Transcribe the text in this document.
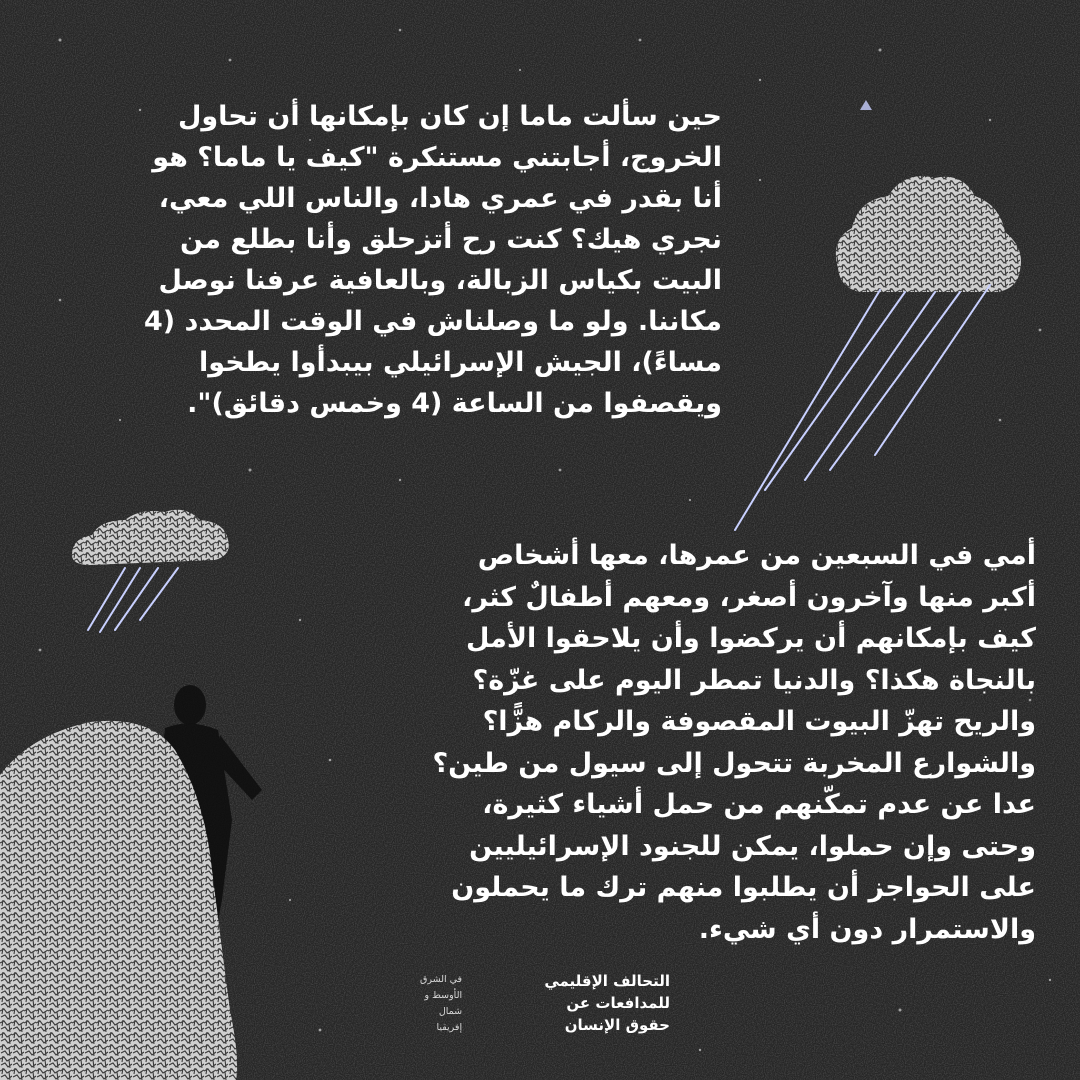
حين سألت ماما إن كان بإمكانها أن تحاول
الخروج، أجابتني مستنكرة "كيف يا ماما؟ هو
أنا بقدر في عمري هادا، والناس اللي معي،
نجري هيك؟ كنت رح أتزحلق وأنا بطلع من
البيت بكياس الزبالة، وبالعافية عرفنا نوصل
مكاننا. ولو ما وصلناش في الوقت المحدد (4
مساءً)، الجيش الإسرائيلي بيبدأوا يطخوا
ويقصفوا من الساعة (4 وخمس دقائق)".
أمي في السبعين من عمرها، معها أشخاص
أكبر منها وآخرون أصغر، ومعهم أطفالٌ كثر،
كيف بإمكانهم أن يركضوا وأن يلاحقوا الأمل
بالنجاة هكذا؟ والدنيا تمطر اليوم على غزّة؟
والريح تهزّ البيوت المقصوفة والركام هزًّا؟
والشوارع المخربة تتحول إلى سيول من طين؟
عدا عن عدم تمكّنهم من حمل أشياء كثيرة،
وحتى وإن حملوا، يمكن للجنود الإسرائيليين
على الحواجز أن يطلبوا منهم ترك ما يحملون
والاستمرار دون أي شيء.
التحالف الإقليمي
للمدافعات عن
حقوق الإنسان
في الشرق
الأوسط و
شمال
إفريقيا
